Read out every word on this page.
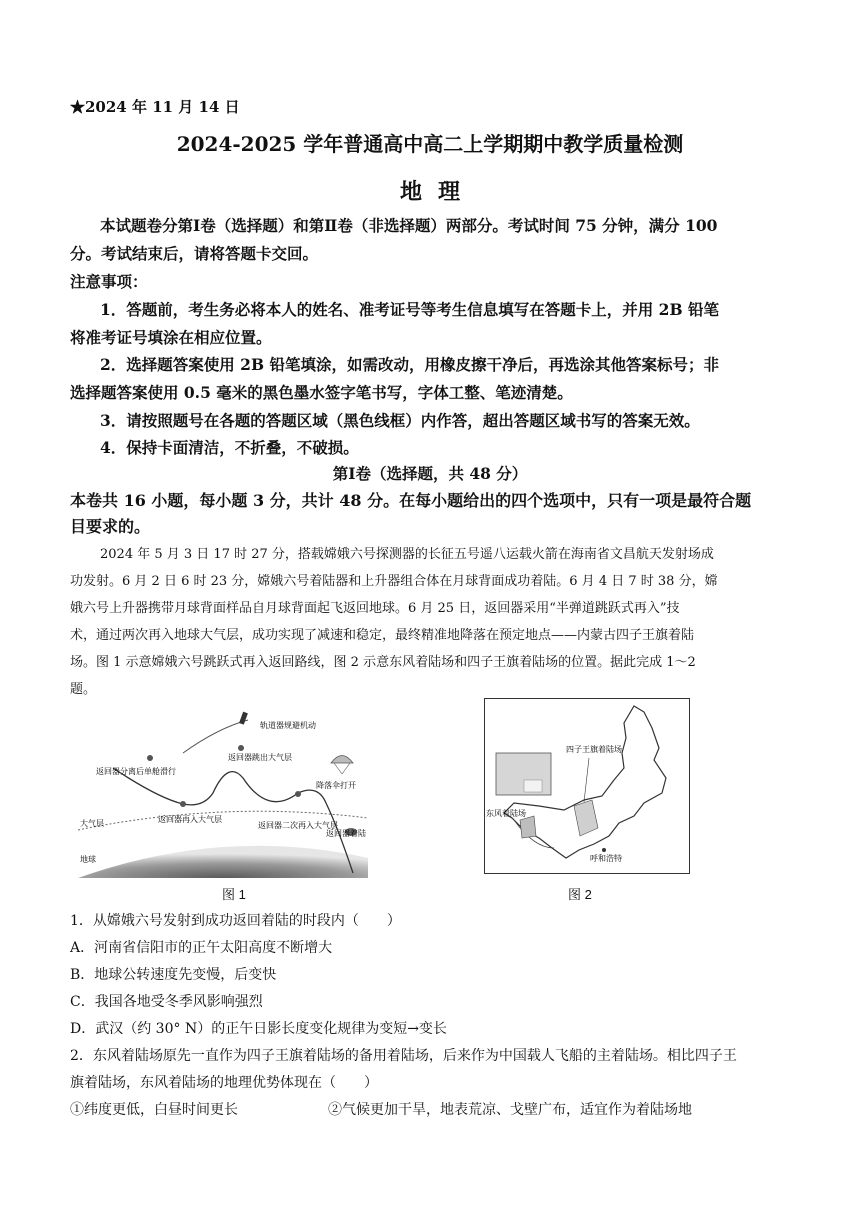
★2024 年 11 月 14 日
2024-2025 学年普通高中高二上学期期中教学质量检测
地理
本试题卷分第Ⅰ卷（选择题）和第Ⅱ卷（非选择题）两部分。考试时间 75 分钟，满分 100
分。考试结束后，请将答题卡交回。
注意事项：
1．答题前，考生务必将本人的姓名、准考证号等考生信息填写在答题卡上，并用 2B 铅笔
将准考证号填涂在相应位置。
2．选择题答案使用 2B 铅笔填涂，如需改动，用橡皮擦干净后，再选涂其他答案标号；非
选择题答案使用 0.5 毫米的黑色墨水签字笔书写，字体工整、笔迹清楚。
3．请按照题号在各题的答题区域（黑色线框）内作答，超出答题区域书写的答案无效。
4．保持卡面清洁，不折叠，不破损。
第Ⅰ卷（选择题，共 48 分）
本卷共 16 小题，每小题 3 分，共计 48 分。在每小题给出的四个选项中，只有一项是最符合题
目要求的。
2024 年 5 月 3 日 17 时 27 分，搭载嫦娥六号探测器的长征五号遥八运载火箭在海南省文昌航天发射场成
功发射。6 月 2 日 6 时 23 分，嫦娥六号着陆器和上升器组合体在月球背面成功着陆。6 月 4 日 7 时 38 分，嫦
娥六号上升器携带月球背面样品自月球背面起飞返回地球。6 月 25 日，返回器采用“半弹道跳跃式再入”技
术，通过两次再入地球大气层，成功实现了减速和稳定，最终精准地降落在预定地点——内蒙古四子王旗着陆
场。图 1 示意嫦娥六号跳跃式再入返回路线，图 2 示意东风着陆场和四子王旗着陆场的位置。据此完成 1～2
题。
轨道器规避机动
返回器分离后单舱滑行
返回器跳出大气层
降落伞打开
大气层	返回器再入大气层
返回器二次再入大气层
返回器着陆
地球
图 1
四子王旗着陆场
东风着陆场
呼和浩特
图 2
1．从嫦娥六号发射到成功返回着陆的时段内（　　）
A．河南省信阳市的正午太阳高度不断增大
B．地球公转速度先变慢，后变快
C．我国各地受冬季风影响强烈
D．武汉（约 30° N）的正午日影长度变化规律为变短→变长
2．东风着陆场原先一直作为四子王旗着陆场的备用着陆场，后来作为中国载人飞船的主着陆场。相比四子王
旗着陆场，东风着陆场的地理优势体现在（　　）
①纬度更低，白昼时间更长	②气候更加干旱，地表荒凉、戈壁广布，适宜作为着陆场地
